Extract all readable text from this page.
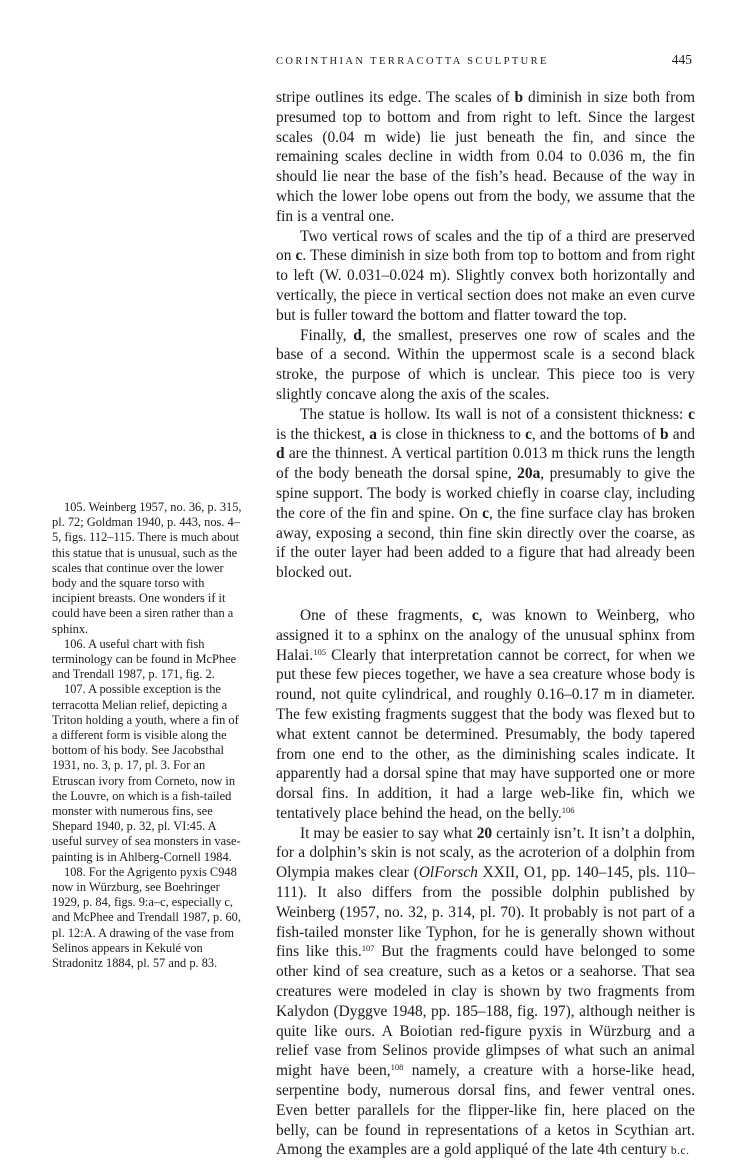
CORINTHIAN TERRACOTTA SCULPTURE	445

stripe outlines its edge. The scales of b diminish in size both from presumed top to bottom and from right to left. Since the largest scales (0.04 m wide) lie just beneath the fin, and since the remaining scales decline in width from 0.04 to 0.036 m, the fin should lie near the base of the fish’s head. Because of the way in which the lower lobe opens out from the body, we assume that the fin is a ventral one.

Two vertical rows of scales and the tip of a third are preserved on c. These diminish in size both from top to bottom and from right to left (W. 0.031–0.024 m). Slightly convex both horizontally and vertically, the piece in vertical section does not make an even curve but is fuller toward the bottom and flatter toward the top.

Finally, d, the smallest, preserves one row of scales and the base of a second. Within the uppermost scale is a second black stroke, the purpose of which is unclear. This piece too is very slightly concave along the axis of the scales.

The statue is hollow. Its wall is not of a consistent thickness: c is the thickest, a is close in thickness to c, and the bottoms of b and d are the thinnest. A vertical partition 0.013 m thick runs the length of the body beneath the dorsal spine, 20a, presumably to give the spine support. The body is worked chiefly in coarse clay, including the core of the fin and spine. On c, the fine surface clay has broken away, exposing a second, thin fine skin directly over the coarse, as if the outer layer had been added to a figure that had already been blocked out.

One of these fragments, c, was known to Weinberg, who assigned it to a sphinx on the analogy of the unusual sphinx from Halai.$^{105}$ Clearly that interpretation cannot be correct, for when we put these few pieces together, we have a sea creature whose body is round, not quite cylindrical, and roughly 0.16–0.17 m in diameter. The few existing fragments suggest that the body was flexed but to what extent cannot be determined. Presumably, the body tapered from one end to the other, as the diminishing scales indicate. It apparently had a dorsal spine that may have supported one or more dorsal fins. In addition, it had a large web-like fin, which we tentatively place behind the head, on the belly.$^{106}$

It may be easier to say what 20 certainly isn’t. It isn’t a dolphin, for a dolphin’s skin is not scaly, as the acroterion of a dolphin from Olympia makes clear (OlForsch XXII, O1, pp. 140–145, pls. 110–111). It also differs from the possible dolphin published by Weinberg (1957, no. 32, p. 314, pl. 70). It probably is not part of a fish-tailed monster like Typhon, for he is generally shown without fins like this.$^{107}$ But the fragments could have belonged to some other kind of sea creature, such as a ketos or a seahorse. That sea creatures were modeled in clay is shown by two fragments from Kalydon (Dyggve 1948, pp. 185–188, fig. 197), although neither is quite like ours. A Boiotian red-figure pyxis in Würzburg and a relief vase from Selinos provide glimpses of what such an animal might have been,$^{108}$ namely, a creature with a horse-like head, serpentine body, numerous dorsal fins, and fewer ventral ones. Even better parallels for the flipper-like fin, here placed on the belly, can be found in representations of a ketos in Scythian art. Among the examples are a gold appliqué of the late 4th century b.c.

105. Weinberg 1957, no. 36, p. 315, pl. 72; Goldman 1940, p. 443, nos. 4–5, figs. 112–115. There is much about this statue that is unusual, such as the scales that continue over the lower body and the square torso with incipient breasts. One wonders if it could have been a siren rather than a sphinx.

106. A useful chart with fish terminology can be found in McPhee and Trendall 1987, p. 171, fig. 2.

107. A possible exception is the terracotta Melian relief, depicting a Triton holding a youth, where a fin of a different form is visible along the bottom of his body. See Jacobsthal 1931, no. 3, p. 17, pl. 3. For an Etruscan ivory from Corneto, now in the Louvre, on which is a fish-tailed monster with numerous fins, see Shepard 1940, p. 32, pl. VI:45. A useful survey of sea monsters in vase-painting is in Ahlberg-Cornell 1984.

108. For the Agrigento pyxis C948 now in Würzburg, see Boehringer 1929, p. 84, figs. 9:a–c, especially c, and McPhee and Trendall 1987, p. 60, pl. 12:A. A drawing of the vase from Selinos appears in Kekulé von Stradonitz 1884, pl. 57 and p. 83.
